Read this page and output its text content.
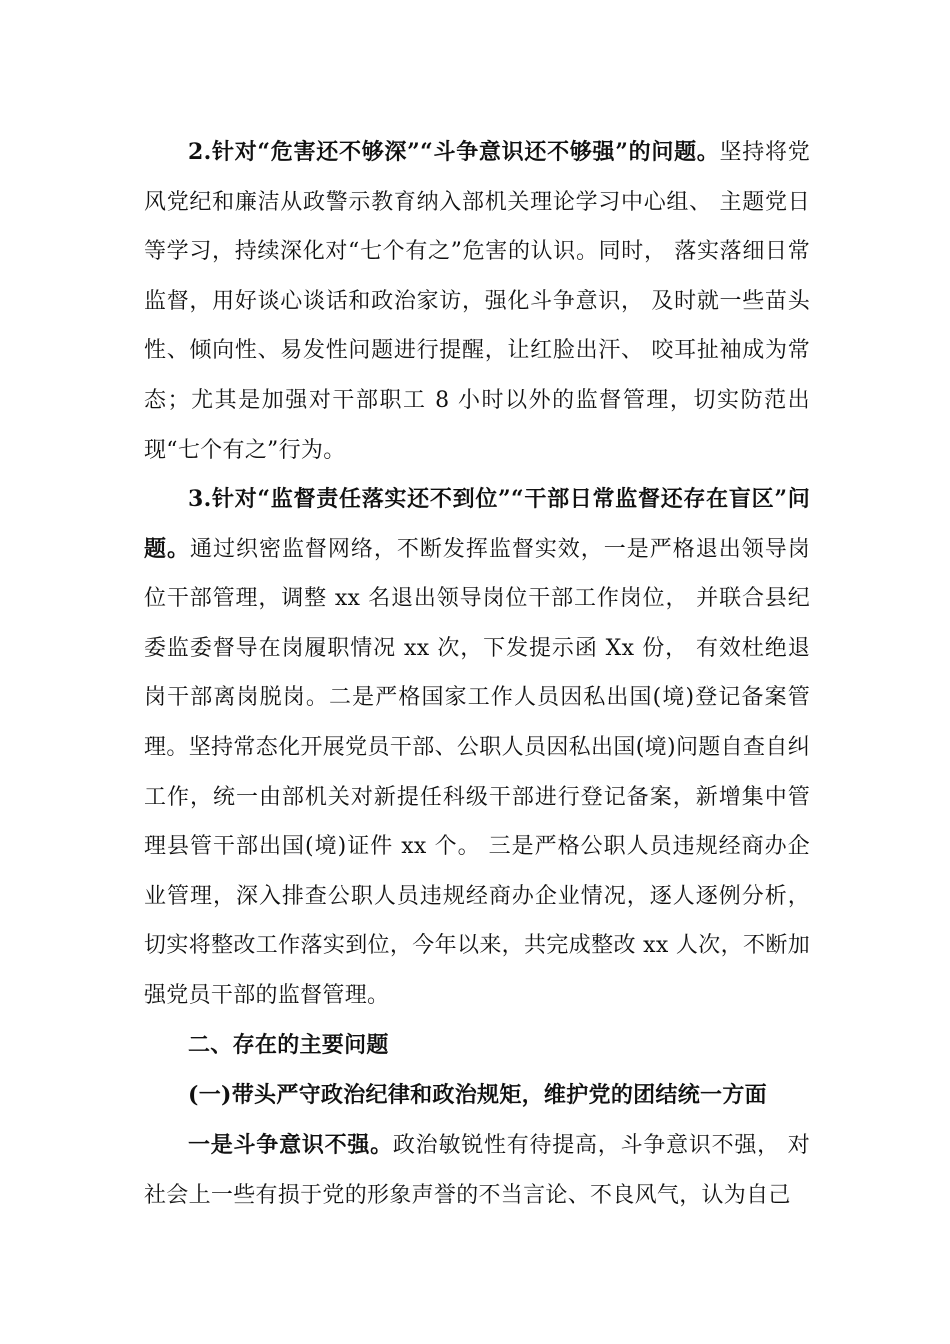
2.针对“危害还不够深”“斗争意识还不够强”的问题。坚持将党风党纪和廉洁从政警示教育纳入部机关理论学习中心组、 主题党日等学习，持续深化对“七个有之”危害的认识。同时， 落实落细日常监督，用好谈心谈话和政治家访，强化斗争意识， 及时就一些苗头性、倾向性、易发性问题进行提醒，让红脸出汗、 咬耳扯袖成为常态；尤其是加强对干部职工 8 小时以外的监督管理，切实防范出现“七个有之”行为。

3.针对“监督责任落实还不到位”“干部日常监督还存在盲区”问题。通过织密监督网络，不断发挥监督实效，一是严格退出领导岗位干部管理，调整 xx 名退出领导岗位干部工作岗位， 并联合县纪委监委督导在岗履职情况 xx 次，下发提示函 Xx 份， 有效杜绝退岗干部离岗脱岗。二是严格国家工作人员因私出国(境)登记备案管理。坚持常态化开展党员干部、公职人员因私出国(境)问题自查自纠工作，统一由部机关对新提任科级干部进行登记备案，新增集中管理县管干部出国(境)证件 xx 个。 三是严格公职人员违规经商办企业管理，深入排查公职人员违规经商办企业情况，逐人逐例分析，切实将整改工作落实到位，今年以来，共完成整改 xx 人次，不断加强党员干部的监督管理。

二、存在的主要问题

(一)带头严守政治纪律和政治规矩，维护党的团结统一方面

一是斗争意识不强。政治敏锐性有待提高，斗争意识不强， 对社会上一些有损于党的形象声誉的不当言论、不良风气，认为自己
